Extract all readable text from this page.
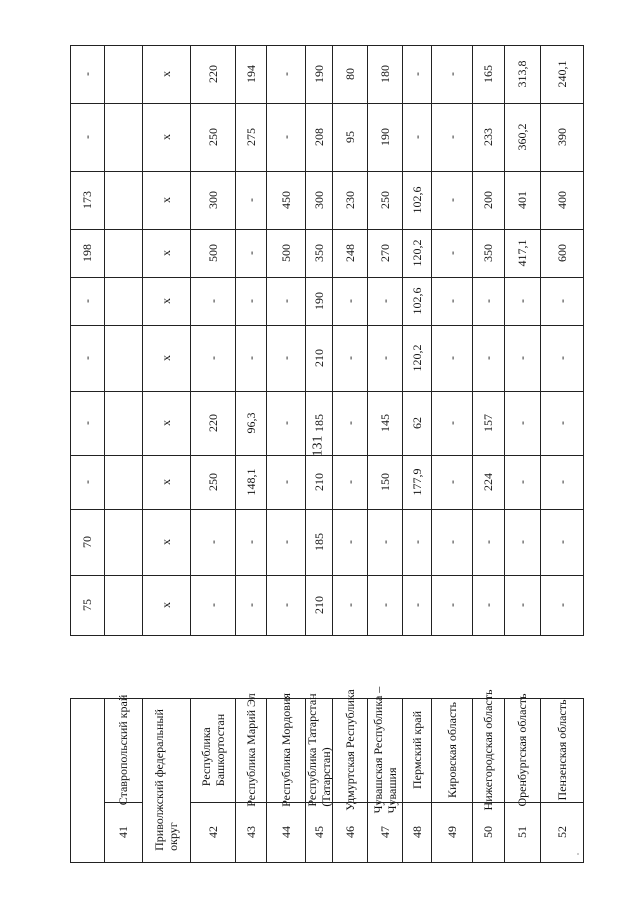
131
-
-
173
198
-
-
-
-
70
75
Ставропольский край
41 Приволжский федеральный
округ
х
х
х
х
х
х
х
х
х
х
Республика
Башкортостан
42
220
250
300
500
-
-
220
250
-
-
Республика Марий Эл
43
194
275
-
-
-
-
96,3
148,1
-
-
Республика Мордовия
44
-
-
450
500
-
-
-
-
-
-
Республика Татарстан
(Татарстан)
45
190
208
300
350
190
210
185
210
185
210
Удмуртская Республика
46
80
95
230
248
-
-
-
-
-
-
Чувашская Республика –
Чувашия
47
180
190
250
270
-
-
145
150
-
-
Пермский край
48
-
-
102,6
120,2
102,6
120,2
62
177,9
-
-
Кировская область
49
-
-
-
-
-
-
-
-
-
-
Нижегородская область
50
165
233
200
350
-
-
157
224
-
-
Оренбургская область
51
313,8
360,2
401
417,1
-
-
-
-
-
-
Пензенская область
52
240,1
390
400
600
-
-
-
-
-
-
